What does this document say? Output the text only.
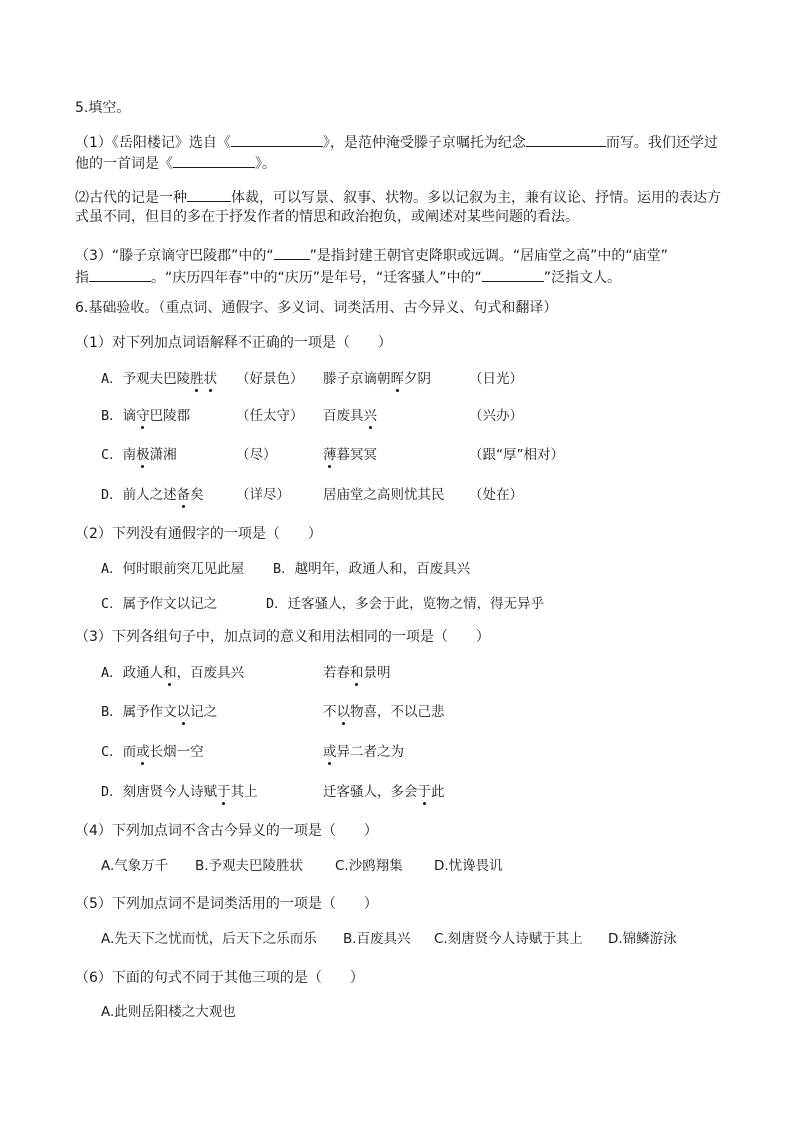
5.填空。
（1）《岳阳楼记》选自《	》，是范仲淹受滕子京嘱托为纪念	而写。我们还学过
他的一首词是《	》。
⑵古代的记是一种	体裁，可以写景、叙事、状物。多以记叙为主，兼有议论、抒情。运用的表达方
式虽不同，但目的多在于抒发作者的情思和政治抱负，或阐述对某些问题的看法。
（3）“滕子京谪守巴陵郡”中的“	”是指封建王朝官吏降职或远调。“居庙堂之高”中的“庙堂”
指	。“庆历四年春”中的“庆历”是年号，“迁客骚人”中的“	”泛指文人。
6.基础验收。（重点词、通假字、多义词、词类活用、古今异义、句式和翻译）
（1）对下列加点词语解释不正确的一项是（　　）
A．予观夫巴陵胜状 （好景色） 滕子京谪朝晖夕阴	（日光）
B．谪守巴陵郡	（任太守） 百废具兴	（兴办）
C．南极潇湘	（尽）	薄暮冥冥	（跟“厚”相对）
D．前人之述备矣 （详尽） 居庙堂之高则忧其民 （处在）
（2）下列没有通假字的一项是（　　）
A．何时眼前突兀见此屋 B．越明年，政通人和，百废具兴
C．属予作文以记之	D．迁客骚人，多会于此，览物之情，得无异乎
（3）下列各组句子中，加点词的意义和用法相同的一项是（　　）
A．政通人和，百废具兴	若春和景明
B．属予作文以记之	不以物喜，不以己悲
C．而或长烟一空	或异二者之为
D．刻唐贤今人诗赋于其上	迁客骚人，多会于此
（4）下列加点词不含古今异义的一项是（　　）
A.气象万千 B.予观夫巴陵胜状 C.沙鸥翔集 D.忧谗畏讥
（5）下列加点词不是词类活用的一项是（　　）
A.先天下之忧而忧，后天下之乐而乐 B.百废具兴 C.刻唐贤今人诗赋于其上 D.锦鳞游泳
（6）下面的句式不同于其他三项的是（　　）
A.此则岳阳楼之大观也
